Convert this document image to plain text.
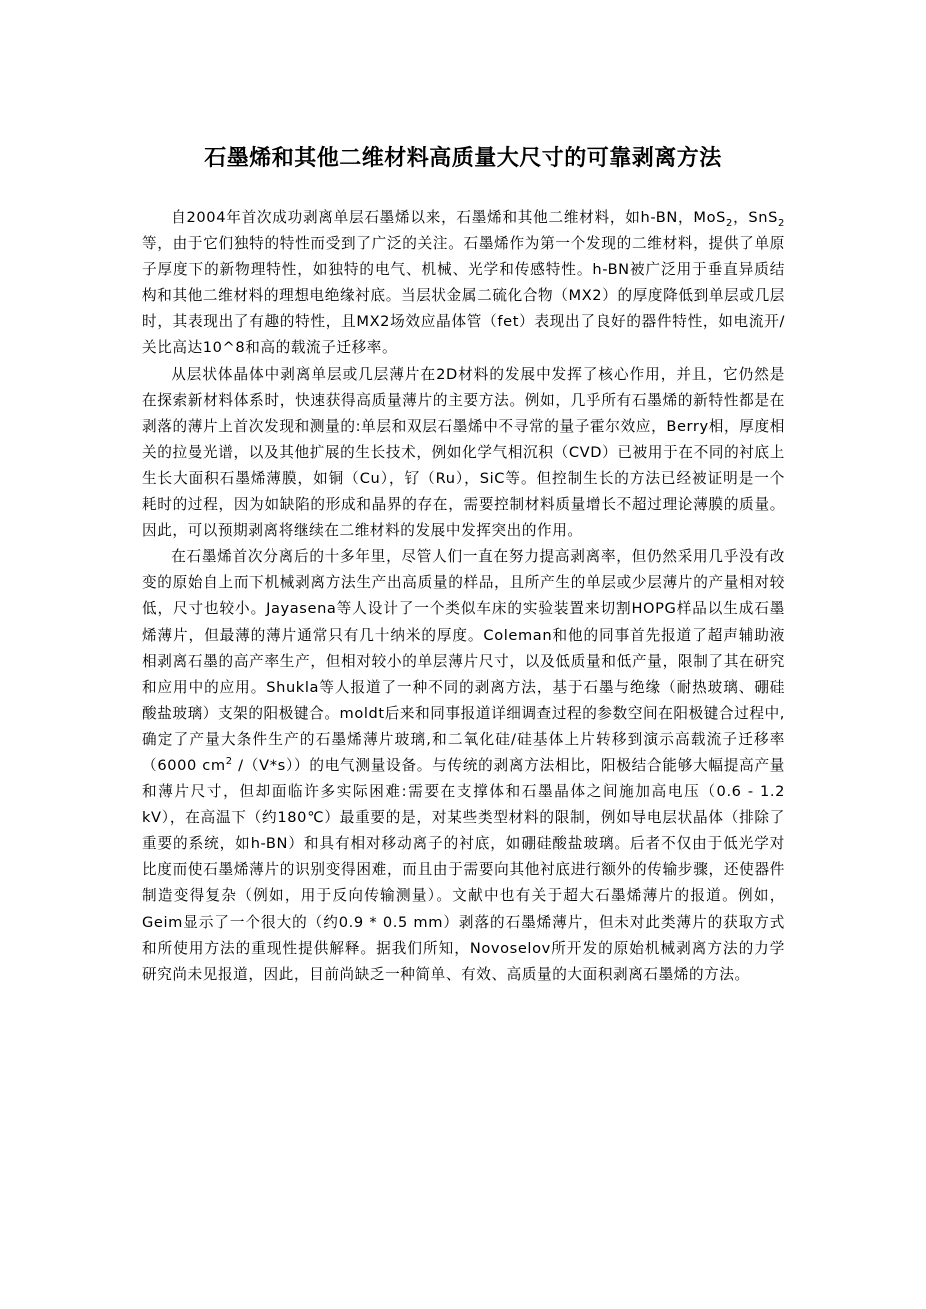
石墨烯和其他二维材料高质量大尺寸的可靠剥离方法

自2004年首次成功剥离单层石墨烯以来，石墨烯和其他二维材料，如h-BN，MoS$_2$，SnS$_2$等，由于它们独特的特性而受到了广泛的关注。石墨烯作为第一个发现的二维材料，提供了单原子厚度下的新物理特性，如独特的电气、机械、光学和传感特性。h-BN被广泛用于垂直异质结构和其他二维材料的理想电绝缘衬底。当层状金属二硫化合物（MX2）的厚度降低到单层或几层时，其表现出了有趣的特性，且MX2场效应晶体管（fet）表现出了良好的器件特性，如电流开/关比高达10^8和高的载流子迁移率。

从层状体晶体中剥离单层或几层薄片在2D材料的发展中发挥了核心作用，并且，它仍然是在探索新材料体系时，快速获得高质量薄片的主要方法。例如，几乎所有石墨烯的新特性都是在剥落的薄片上首次发现和测量的:单层和双层石墨烯中不寻常的量子霍尔效应，Berry相，厚度相关的拉曼光谱，以及其他扩展的生长技术，例如化学气相沉积（CVD）已被用于在不同的衬底上生长大面积石墨烯薄膜，如铜（Cu），钌（Ru），SiC等。但控制生长的方法已经被证明是一个耗时的过程，因为如缺陷的形成和晶界的存在，需要控制材料质量增长不超过理论薄膜的质量。因此，可以预期剥离将继续在二维材料的发展中发挥突出的作用。

在石墨烯首次分离后的十多年里，尽管人们一直在努力提高剥离率，但仍然采用几乎没有改变的原始自上而下机械剥离方法生产出高质量的样品，且所产生的单层或少层薄片的产量相对较低，尺寸也较小。Jayasena等人设计了一个类似车床的实验装置来切割HOPG样品以生成石墨烯薄片，但最薄的薄片通常只有几十纳米的厚度。Coleman和他的同事首先报道了超声辅助液相剥离石墨的高产率生产，但相对较小的单层薄片尺寸，以及低质量和低产量，限制了其在研究和应用中的应用。Shukla等人报道了一种不同的剥离方法，基于石墨与绝缘（耐热玻璃、硼硅酸盐玻璃）支架的阳极键合。moldt后来和同事报道详细调查过程的参数空间在阳极键合过程中,确定了产量大条件生产的石墨烯薄片玻璃,和二氧化硅/硅基体上片转移到演示高载流子迁移率（6000 $cm^2$ /（V*s））的电气测量设备。与传统的剥离方法相比，阳极结合能够大幅提高产量和薄片尺寸，但却面临许多实际困难:需要在支撑体和石墨晶体之间施加高电压（0.6 - 1.2 kV），在高温下（约180℃）最重要的是，对某些类型材料的限制，例如导电层状晶体（排除了重要的系统，如h-BN）和具有相对移动离子的衬底，如硼硅酸盐玻璃。后者不仅由于低光学对比度而使石墨烯薄片的识别变得困难，而且由于需要向其他衬底进行额外的传输步骤，还使器件制造变得复杂（例如，用于反向传输测量）。文献中也有关于超大石墨烯薄片的报道。例如，Geim显示了一个很大的（约0.9 * 0.5 mm）剥落的石墨烯薄片，但未对此类薄片的获取方式和所使用方法的重现性提供解释。据我们所知，Novoselov所开发的原始机械剥离方法的力学研究尚未见报道，因此，目前尚缺乏一种简单、有效、高质量的大面积剥离石墨烯的方法。
